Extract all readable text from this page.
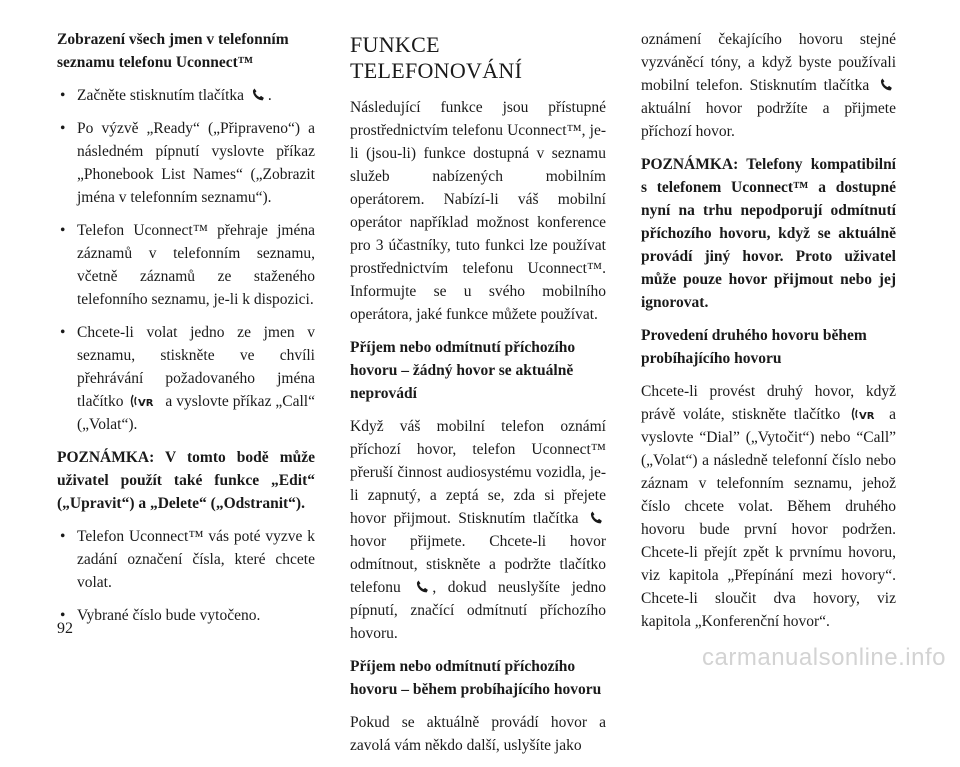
Zobrazení všech jmen v telefonním seznamu telefonu Uconnect™
• Začněte stisknutím tlačítka .
• Po výzvě „Ready“ („Připraveno“) a následném pípnutí vyslovte příkaz „Phonebook List Names“ („Zobrazit jména v telefonním seznamu“).
• Telefon Uconnect™ přehraje jména záznamů v telefonním seznamu, včetně záznamů ze staženého telefonního seznamu, je-li k dispozici.
• Chcete-li volat jedno ze jmen v seznamu, stiskněte ve chvíli přehrávání požadovaného jména tlačítko VR a vyslovte příkaz „Call“ („Volat“).
POZNÁMKA: V tomto bodě může uživatel použít také funkce „Edit“ („Upravit“) a „Delete“ („Odstranit“).
• Telefon Uconnect™ vás poté vyzve k zadání označení čísla, které chcete volat.
• Vybrané číslo bude vytočeno.
FUNKCE TELEFONOVÁNÍ

Následující funkce jsou přístupné prostřednictvím telefonu Uconnect™, je-li (jsou-li) funkce dostupná v seznamu služeb nabízených mobilním operátorem. Nabízí-li váš mobilní operátor například možnost konference pro 3 účastníky, tuto funkci lze používat prostřednictvím telefonu Uconnect™. Informujte se u svého mobilního operátora, jaké funkce můžete používat.

Příjem nebo odmítnutí příchozího hovoru – žádný hovor se aktuálně neprovádí

Když váš mobilní telefon oznámí příchozí hovor, telefon Uconnect™ přeruší činnost audiosystému vozidla, je-li zapnutý, a zeptá se, zda si přejete hovor přijmout. Stisknutím tlačítka  hovor přijmete. Chcete-li hovor odmítnout, stiskněte a podržte tlačítko telefonu , dokud neuslyšíte jedno pípnutí, značící odmítnutí příchozího hovoru.

Příjem nebo odmítnutí příchozího hovoru – během probíhajícího hovoru

Pokud se aktuálně provádí hovor a zavolá vám někdo další, uslyšíte jako

oznámení čekajícího hovoru stejné vyzváněcí tóny, a když byste používali mobilní telefon. Stisknutím tlačítka  aktuální hovor podržíte a přijmete příchozí hovor.

POZNÁMKA: Telefony kompatibilní s telefonem Uconnect™ a dostupné nyní na trhu nepodporují odmítnutí příchozího hovoru, když se aktuálně provádí jiný hovor. Proto uživatel může pouze hovor přijmout nebo jej ignorovat.
Provedení druhého hovoru během probíhajícího hovoru

Chcete-li provést druhý hovor, když právě voláte, stiskněte tlačítko VR a vyslovte “Dial” („Vytočit“) nebo “Call” („Volat“) a následně telefonní číslo nebo záznam v telefonním seznamu, jehož číslo chcete volat. Během druhého hovoru bude první hovor podržen. Chcete-li přejít zpět k prvnímu hovoru, viz kapitola „Přepínání mezi hovory“. Chcete-li sloučit dva hovory, viz kapitola „Konferenční hovor“.

92
carmanualsonline.info
